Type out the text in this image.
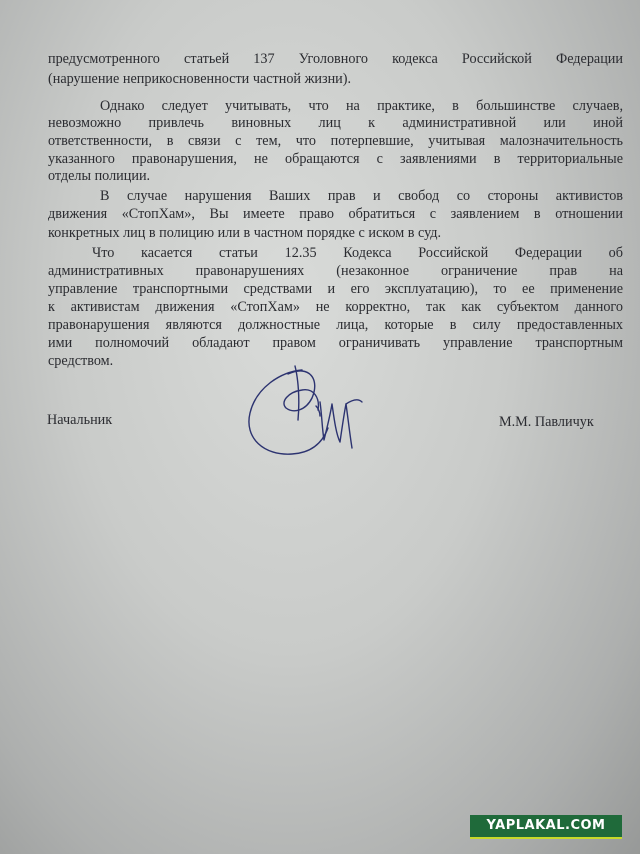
предусмотренного статьей 137 Уголовного кодекса Российской Федерации
(нарушение неприкосновенности частной жизни).
Однако следует учитывать, что на практике, в большинстве случаев,
невозможно привлечь виновных лиц к административной или иной
ответственности, в связи с тем, что потерпевшие, учитывая малозначительность
указанного правонарушения, не обращаются с заявлениями в территориальные
отделы полиции.
В случае нарушения Ваших прав и свобод со стороны активистов
движения «СтопХам», Вы имеете право обратиться с заявлением в отношении
конкретных лиц в полицию или в частном порядке с иском в суд.
Что касается статьи 12.35 Кодекса Российской Федерации об
административных правонарушениях (незаконное ограничение прав на
управление транспортными средствами и его эксплуатацию), то ее применение
к активистам движения «СтопХам» не корректно, так как субъектом данного
правонарушения являются должностные лица, которые в силу предоставленных
ими полномочий обладают правом ограничивать управление транспортным
средством.
Начальник	М.М. Павличук
YAPLAKAL.COM
